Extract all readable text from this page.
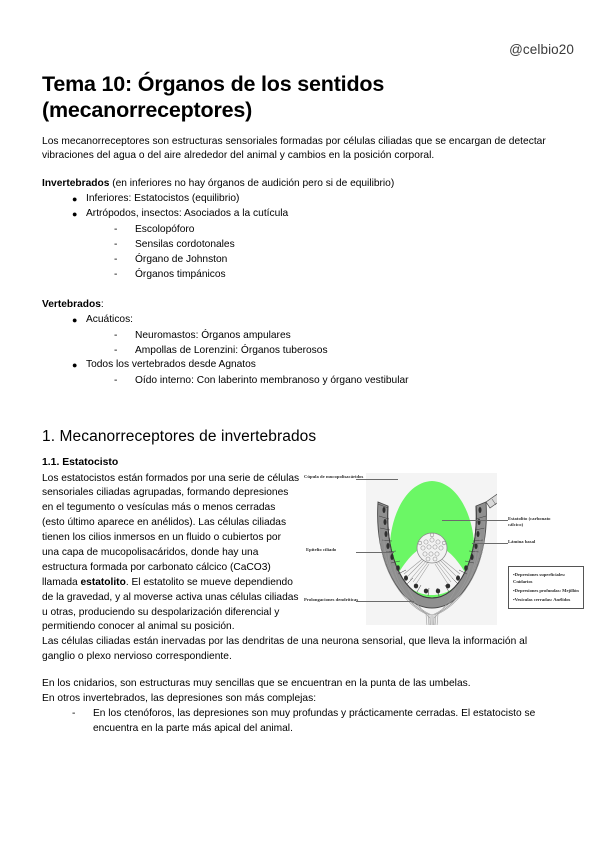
@celbio20
Tema 10: Órganos de los sentidos (mecanorreceptores)

Los mecanorreceptores son estructuras sensoriales formadas por células ciliadas que se encargan de detectar vibraciones del agua o del aire alrededor del animal y cambios en la posición corporal.

Invertebrados (en inferiores no hay órganos de audición pero si de equilibrio)
● Inferiores: Estatocistos (equilibrio)
● Artrópodos, insectos: Asociados a la cutícula
- Escolopóforo
- Sensilas cordotonales
- Órgano de Johnston
- Órganos timpánicos
Vertebrados:
● Acuáticos:
- Neuromastos: Órganos ampulares
- Ampollas de Lorenzini: Órganos tuberosos
● Todos los vertebrados desde Agnatos
- Oído interno: Con laberinto membranoso y órgano vestibular
1. Mecanorreceptores de invertebrados
1.1. Estatocisto

Los estatocistos están formados por una serie de células sensoriales ciliadas agrupadas, formando depresiones en el tegumento o vesículas más o menos cerradas (esto último aparece en anélidos). Las células ciliadas tienen los cilios inmersos en un fluido o cubiertos por una capa de mucopolisacáridos, donde hay una estructura formada por carbonato cálcico (CaCO3) llamada estatolito. El estatolito se mueve dependiendo de la gravedad, y al moverse activa unas células ciliadas u otras, produciendo su despolarización diferencial y permitiendo conocer al animal su posición.

Cúpula de mucopolisacáridos
Epitelio ciliado
Prolongaciones dendríticas
Estatolito (carbonato cálcico)
Lámina basal
•Depresiones superficiales: Cnidarios
•Depresiones profundas: Mejillón
•Vesículas cerradas: Anélidos

Las células ciliadas están inervadas por las dendritas de una neurona sensorial, que lleva la información al ganglio o plexo nervioso correspondiente.

En los cnidarios, son estructuras muy sencillas que se encuentran en la punta de las umbelas.

En otros invertebrados, las depresiones son más complejas:

- En los ctenóforos, las depresiones son muy profundas y prácticamente cerradas. El estatocisto se encuentra en la parte más apical del animal.
